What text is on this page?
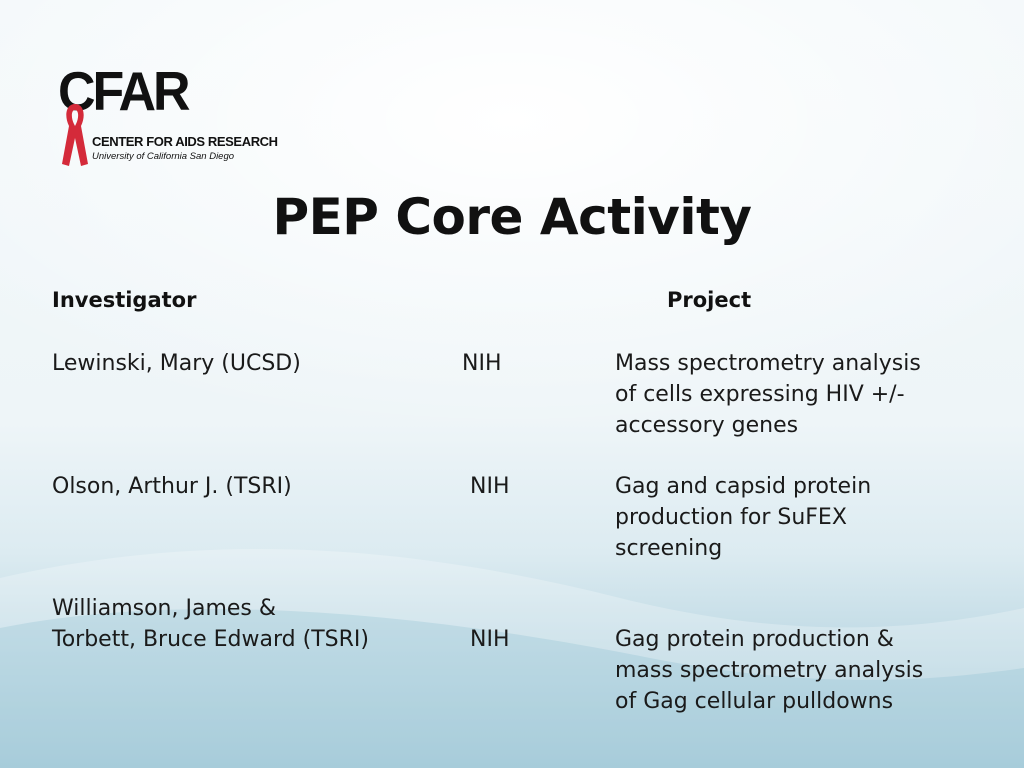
CFAR
CENTER FOR AIDS RESEARCH
University of California San Diego
PEP Core Activity
Investigator	Project
Lewinski, Mary (UCSD)	NIH	Mass spectrometry analysis
of cells expressing HIV +/-
accessory genes
Olson, Arthur J. (TSRI)	NIH	Gag and capsid protein
production for SuFEX
screening
Williamson, James &
Torbett, Bruce Edward (TSRI)	NIH	Gag protein production &
mass spectrometry analysis
of Gag cellular pulldowns
